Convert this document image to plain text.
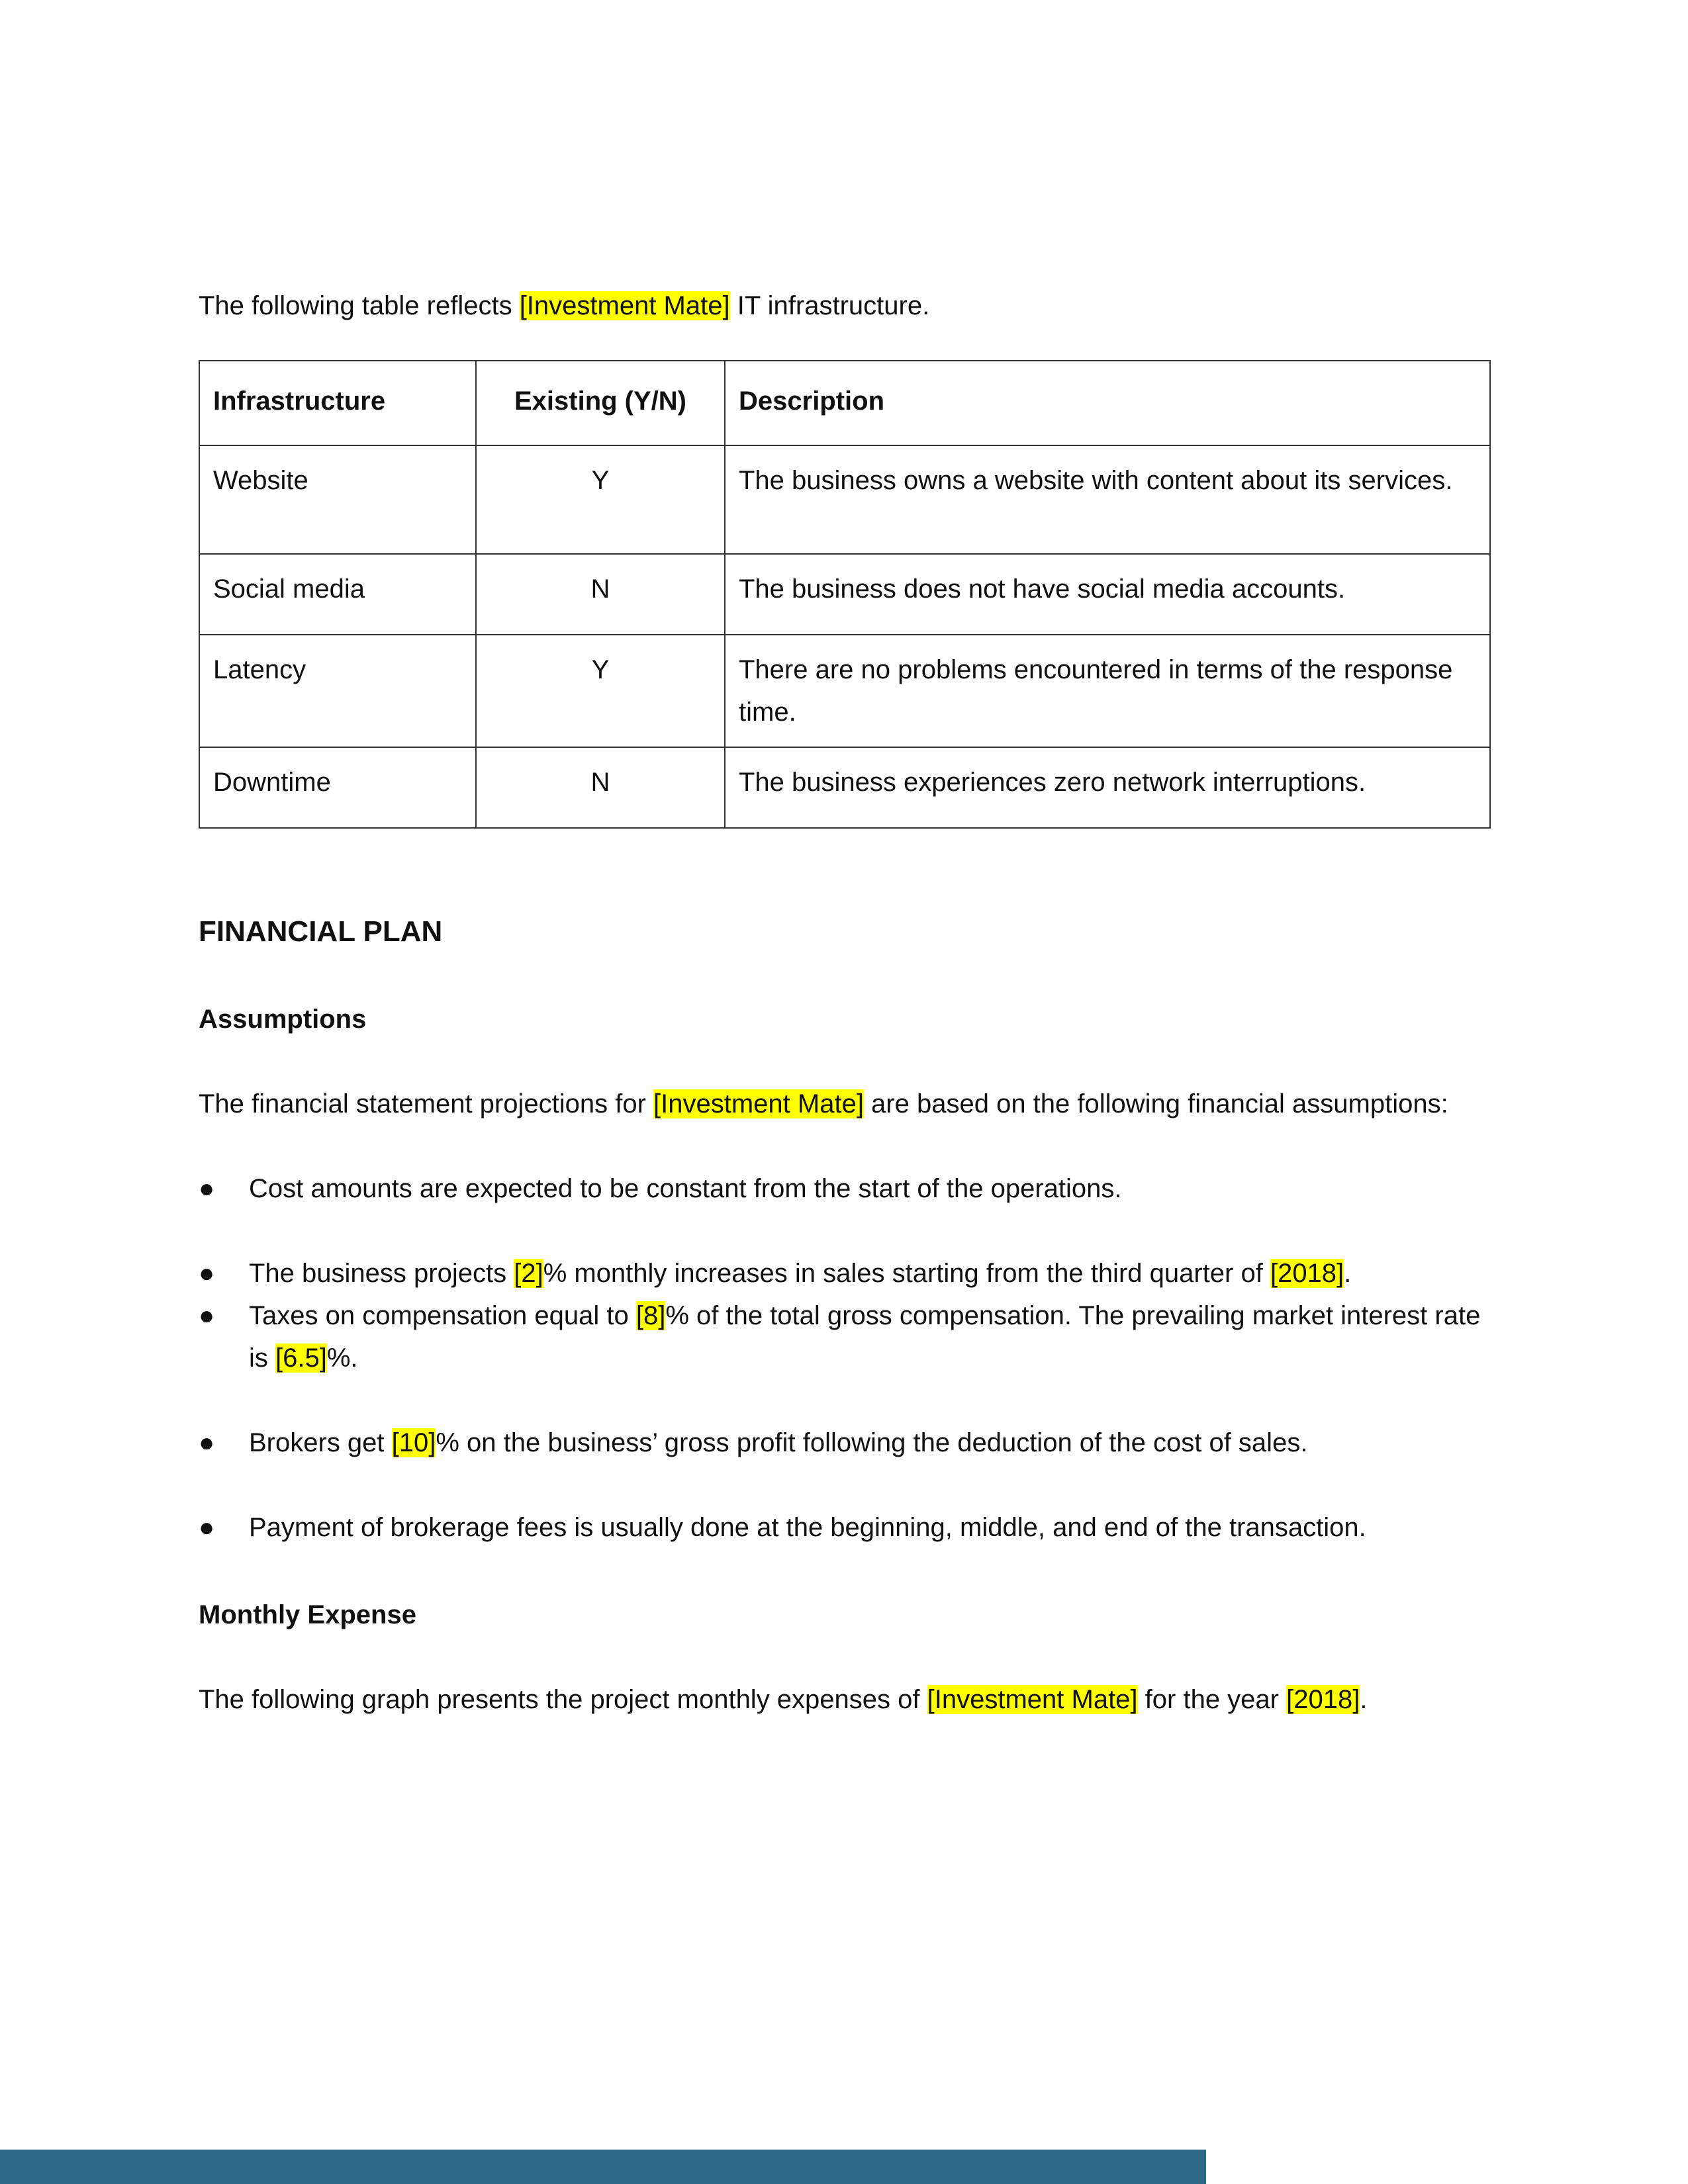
The following table reflects [Investment Mate] IT infrastructure.

Infrastructure	Existing (Y/N)	Description
Website	Y	The business owns a website with content about its services.
Social media	N	The business does not have social media accounts.
Latency	Y	There are no problems encountered in terms of the response time.
Downtime	N	The business experiences zero network interruptions.
FINANCIAL PLAN
Assumptions

The financial statement projections for [Investment Mate] are based on the following financial assumptions:

● Cost amounts are expected to be constant from the start of the operations.
● The business projects [2]% monthly increases in sales starting from the third quarter of [2018].
● Taxes on compensation equal to [8]% of the total gross compensation. The prevailing market interest rate is [6.5]%.
● Brokers get [10]% on the business’ gross profit following the deduction of the cost of sales.
● Payment of brokerage fees is usually done at the beginning, middle, and end of the transaction.
Monthly Expense

The following graph presents the project monthly expenses of [Investment Mate] for the year [2018].
